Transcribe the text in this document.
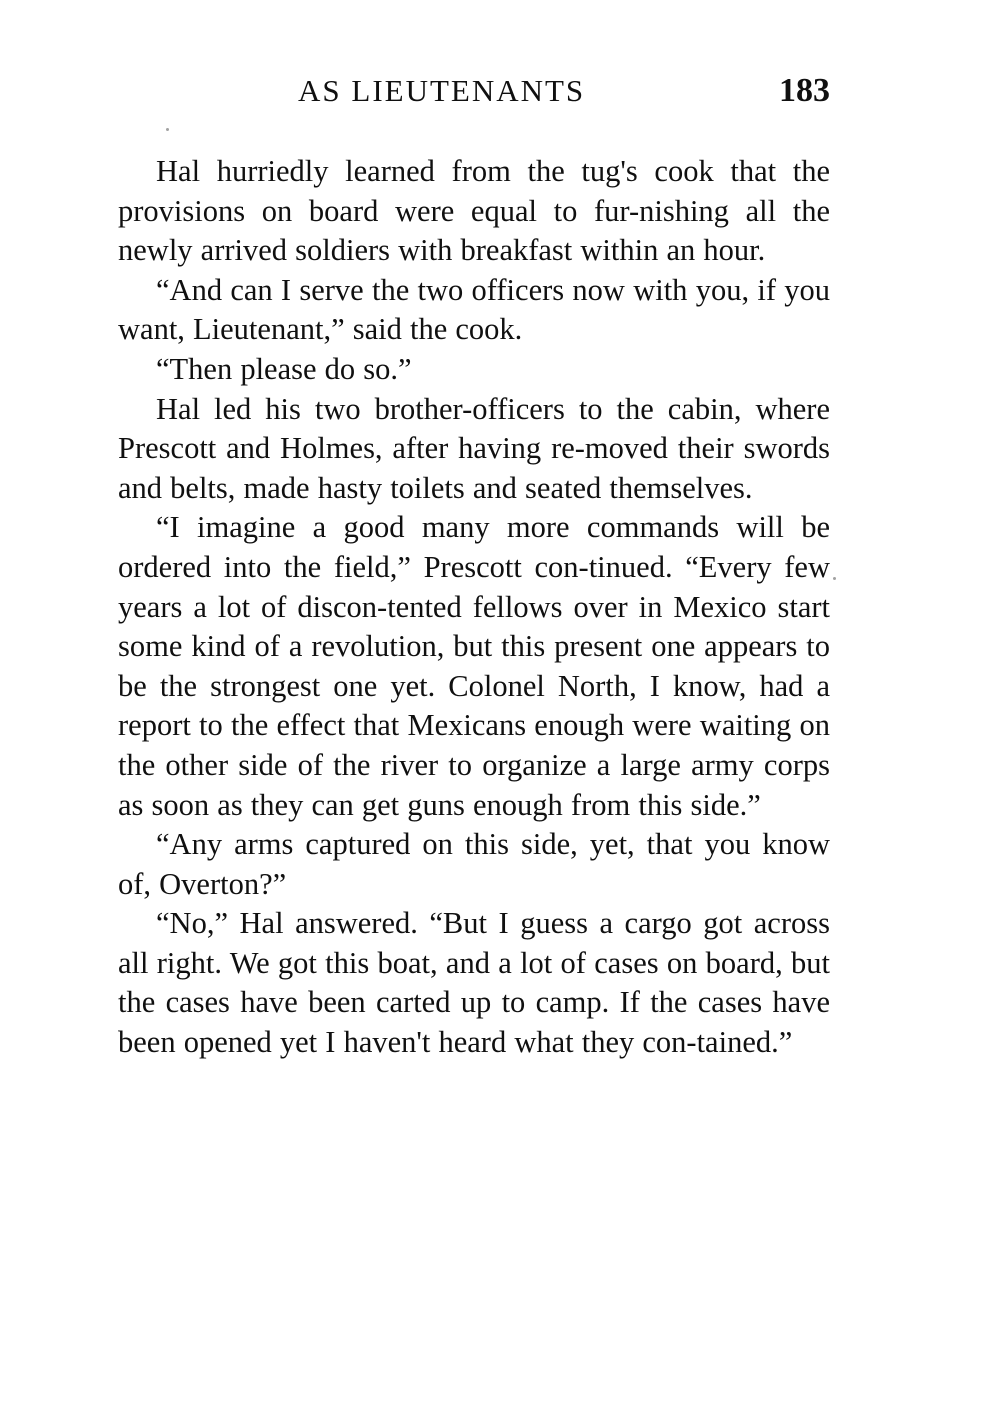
AS LIEUTENANTS	183

Hal hurriedly learned from the tug's cook that the provisions on board were equal to fur-nishing all the newly arrived soldiers with breakfast within an hour.

“And can I serve the two officers now with you, if you want, Lieutenant,” said the cook.

“Then please do so.”

Hal led his two brother-officers to the cabin, where Prescott and Holmes, after having re-moved their swords and belts, made hasty toilets and seated themselves.

“I imagine a good many more commands will be ordered into the field,” Prescott con-tinued. “Every few years a lot of discon-tented fellows over in Mexico start some kind of a revolution, but this present one appears to be the strongest one yet. Colonel North, I know, had a report to the effect that Mexicans enough were waiting on the other side of the river to organize a large army corps as soon as they can get guns enough from this side.”

“Any arms captured on this side, yet, that you know of, Overton?”

“No,” Hal answered. “But I guess a cargo got across all right. We got this boat, and a lot of cases on board, but the cases have been carted up to camp. If the cases have been opened yet I haven't heard what they con-tained.”
